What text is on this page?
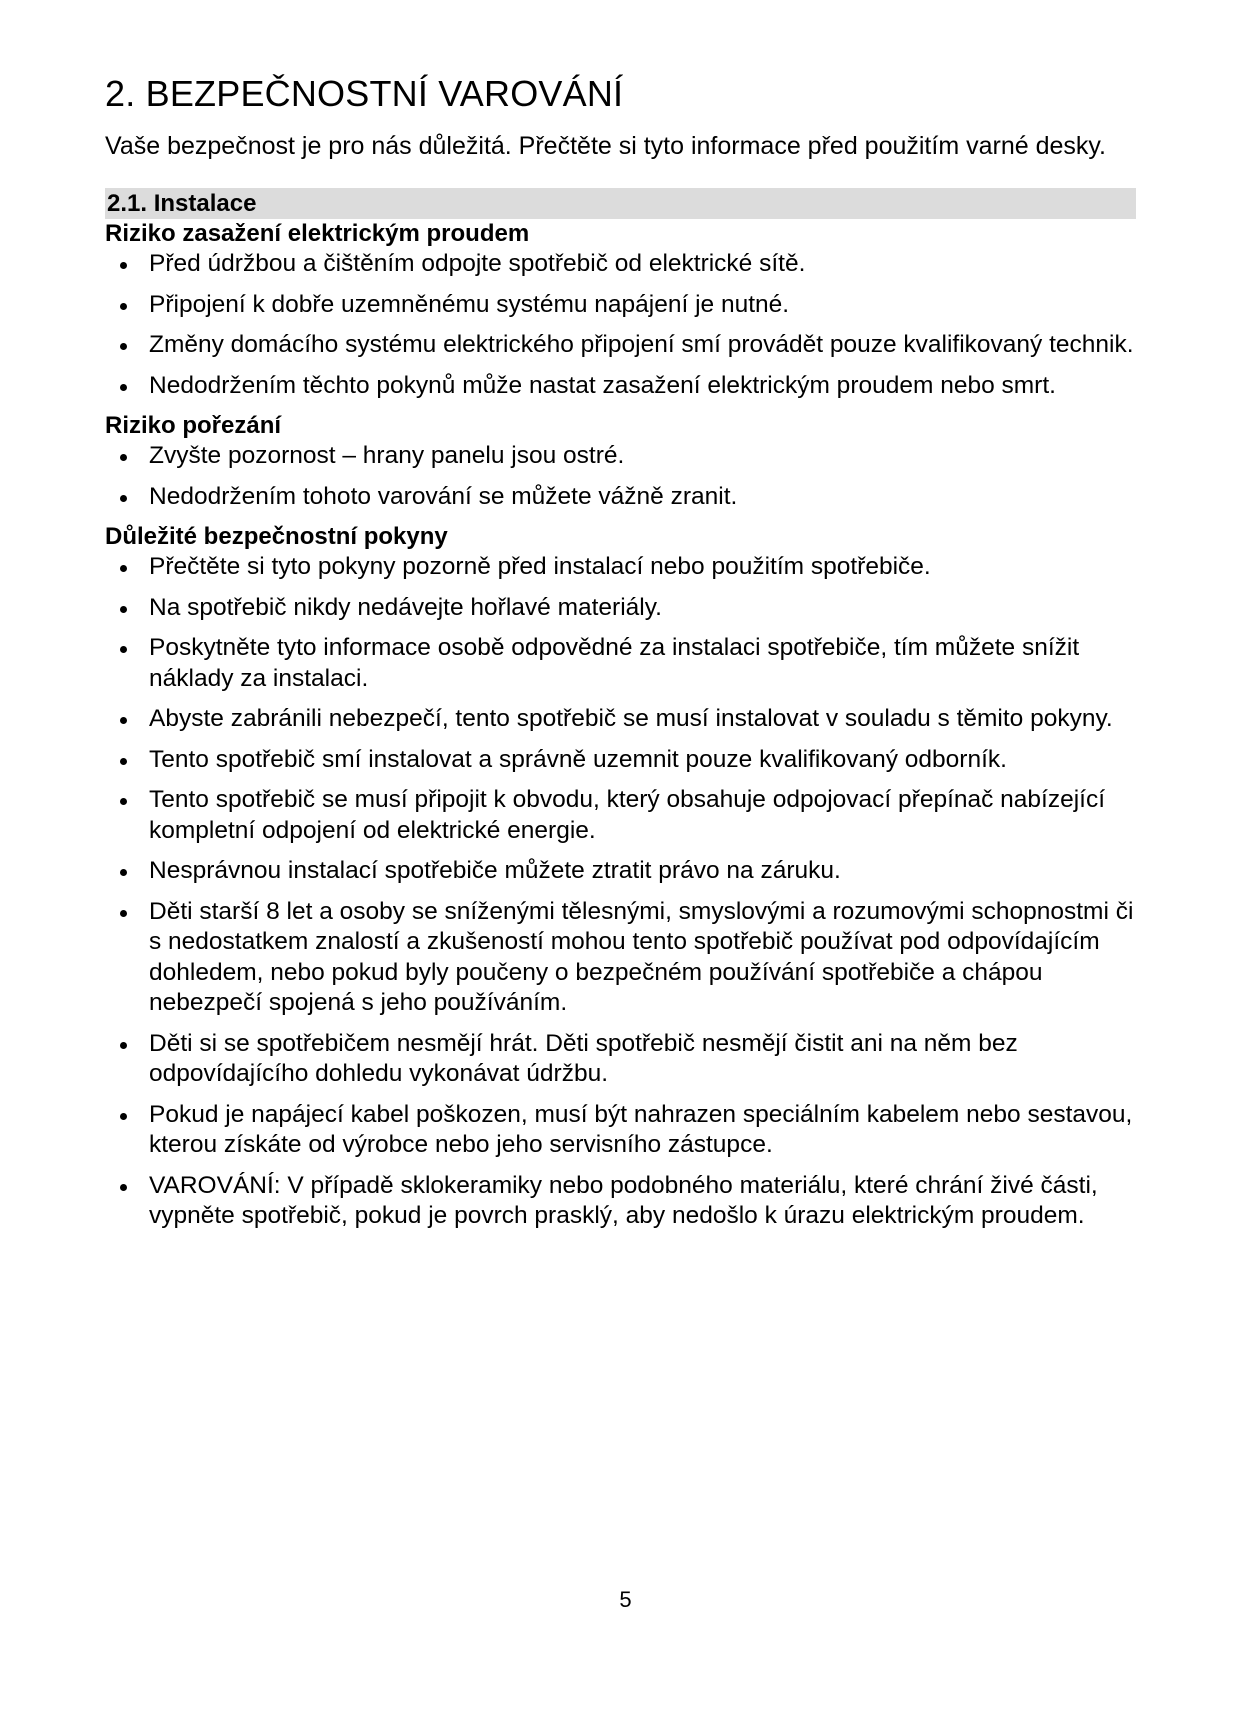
2. BEZPEČNOSTNÍ VAROVÁNÍ

Vaše bezpečnost je pro nás důležitá. Přečtěte si tyto informace před použitím varné desky.

2.1. Instalace
Riziko zasažení elektrickým proudem
Před údržbou a čištěním odpojte spotřebič od elektrické sítě.
Připojení k dobře uzemněnému systému napájení je nutné.
Změny domácího systému elektrického připojení smí provádět pouze kvalifikovaný technik.
Nedodržením těchto pokynů může nastat zasažení elektrickým proudem nebo smrt.
Riziko pořezání
Zvyšte pozornost – hrany panelu jsou ostré.
Nedodržením tohoto varování se můžete vážně zranit.
Důležité bezpečnostní pokyny
Přečtěte si tyto pokyny pozorně před instalací nebo použitím spotřebiče.
Na spotřebič nikdy nedávejte hořlavé materiály.
Poskytněte tyto informace osobě odpovědné za instalaci spotřebiče, tím můžete snížit náklady za instalaci.
Abyste zabránili nebezpečí, tento spotřebič se musí instalovat v souladu s těmito pokyny.
Tento spotřebič smí instalovat a správně uzemnit pouze kvalifikovaný odborník.
Tento spotřebič se musí připojit k obvodu, který obsahuje odpojovací přepínač nabízející kompletní odpojení od elektrické energie.
Nesprávnou instalací spotřebiče můžete ztratit právo na záruku.
Děti starší 8 let a osoby se sníženými tělesnými, smyslovými a rozumovými schopnostmi či s nedostatkem znalostí a zkušeností mohou tento spotřebič používat pod odpovídajícím dohledem, nebo pokud byly poučeny o bezpečném používání spotřebiče a chápou nebezpečí spojená s jeho používáním.
Děti si se spotřebičem nesmějí hrát. Děti spotřebič nesmějí čistit ani na něm bez odpovídajícího dohledu vykonávat údržbu.
Pokud je napájecí kabel poškozen, musí být nahrazen speciálním kabelem nebo sestavou, kterou získáte od výrobce nebo jeho servisního zástupce.
VAROVÁNÍ: V případě sklokeramiky nebo podobného materiálu, které chrání živé části, vypněte spotřebič, pokud je povrch prasklý, aby nedošlo k úrazu elektrickým proudem.
5
